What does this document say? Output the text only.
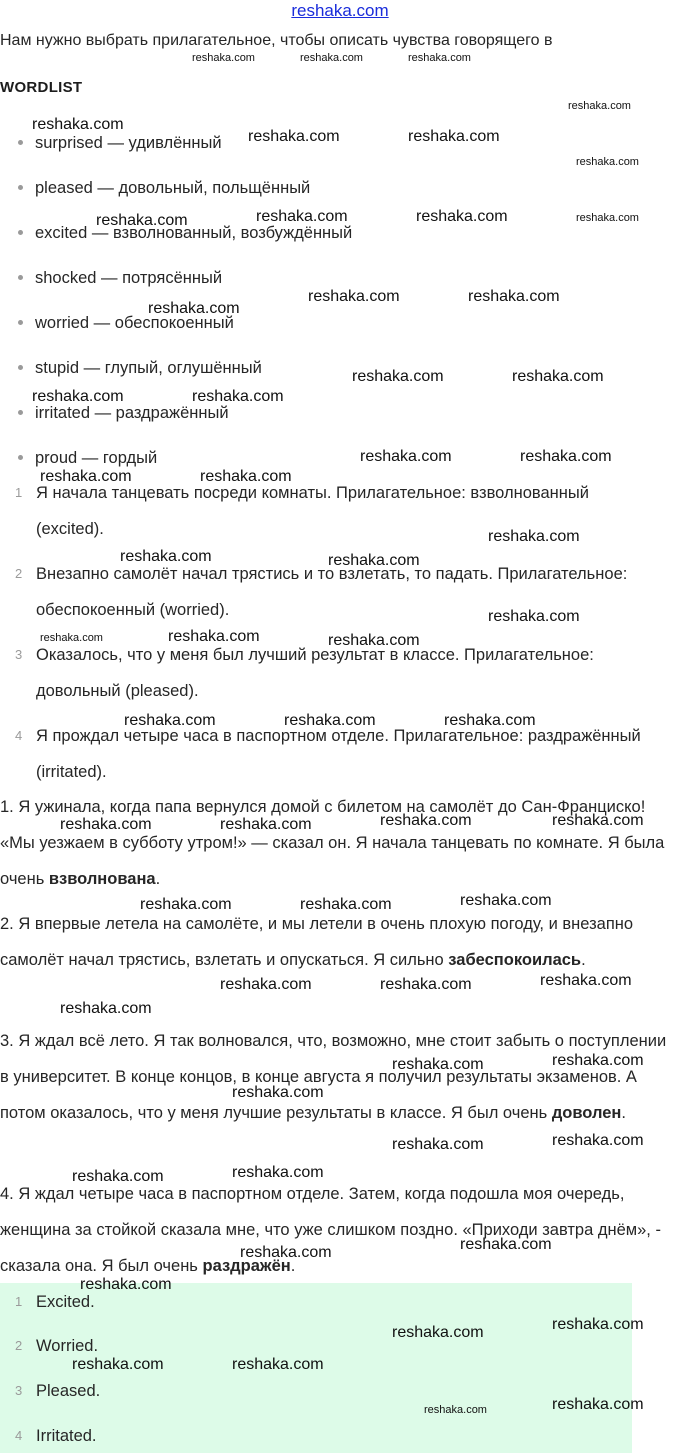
reshaka.com
Нам нужно выбрать прилагательное, чтобы описать чувства говорящего в
WORDLIST
surprised — удивлённый
pleased — довольный, польщённый
excited — взволнованный, возбуждённый
shocked — потрясённый
worried — обеспокоенный
stupid — глупый, оглушённый
irritated — раздражённый
proud — гордый
1 Я начала танцевать посреди комнаты. Прилагательное: взволнованный (excited).
2 Внезапно самолёт начал трястись и то взлетать, то падать. Прилагательное: обеспокоенный (worried).
3 Оказалось, что у меня был лучший результат в классе. Прилагательное: довольный (pleased).
4 Я прождал четыре часа в паспортном отделе. Прилагательное: раздражённый (irritated).
1. Я ужинала, когда папа вернулся домой с билетом на самолёт до Сан-Франциско! «Мы уезжаем в субботу утром!» — сказал он. Я начала танцевать по комнате. Я была очень взволнована.
2. Я впервые летела на самолёте, и мы летели в очень плохую погоду, и внезапно самолёт начал трястись, взлетать и опускаться. Я сильно забеспокоилась.
3. Я ждал всё лето. Я так волновался, что, возможно, мне стоит забыть о поступлении в университет. В конце концов, в конце августа я получил результаты экзаменов. А потом оказалось, что у меня лучшие результаты в классе. Я был очень доволен.
4. Я ждал четыре часа в паспортном отделе. Затем, когда подошла моя очередь, женщина за стойкой сказала мне, что уже слишком поздно. «Приходи завтра днём», - сказала она. Я был очень раздражён.
1 Excited.
2 Worried.
3 Pleased.
4 Irritated.
reshaka.com	reshaka.com	reshaka.com
reshaka.com
reshaka.com
reshaka.com	reshaka.com
reshaka.com
reshaka.com	reshaka.com	reshaka.com	reshaka.com
reshaka.com	reshaka.com
reshaka.com
reshaka.com	reshaka.com
reshaka.com	reshaka.com
reshaka.com	reshaka.com
reshaka.com	reshaka.com
reshaka.com
reshaka.com	reshaka.com
reshaka.com
reshaka.com	reshaka.com	reshaka.com
reshaka.com	reshaka.com	reshaka.com
reshaka.com	reshaka.com	reshaka.com	reshaka.com
reshaka.com	reshaka.com	reshaka.com
reshaka.com	reshaka.com	reshaka.com
reshaka.com
reshaka.com	reshaka.com
reshaka.com
reshaka.com	reshaka.com
reshaka.com	reshaka.com
reshaka.com	reshaka.com
reshaka.com
reshaka.com	reshaka.com
reshaka.com	reshaka.com
reshaka.com	reshaka.com
